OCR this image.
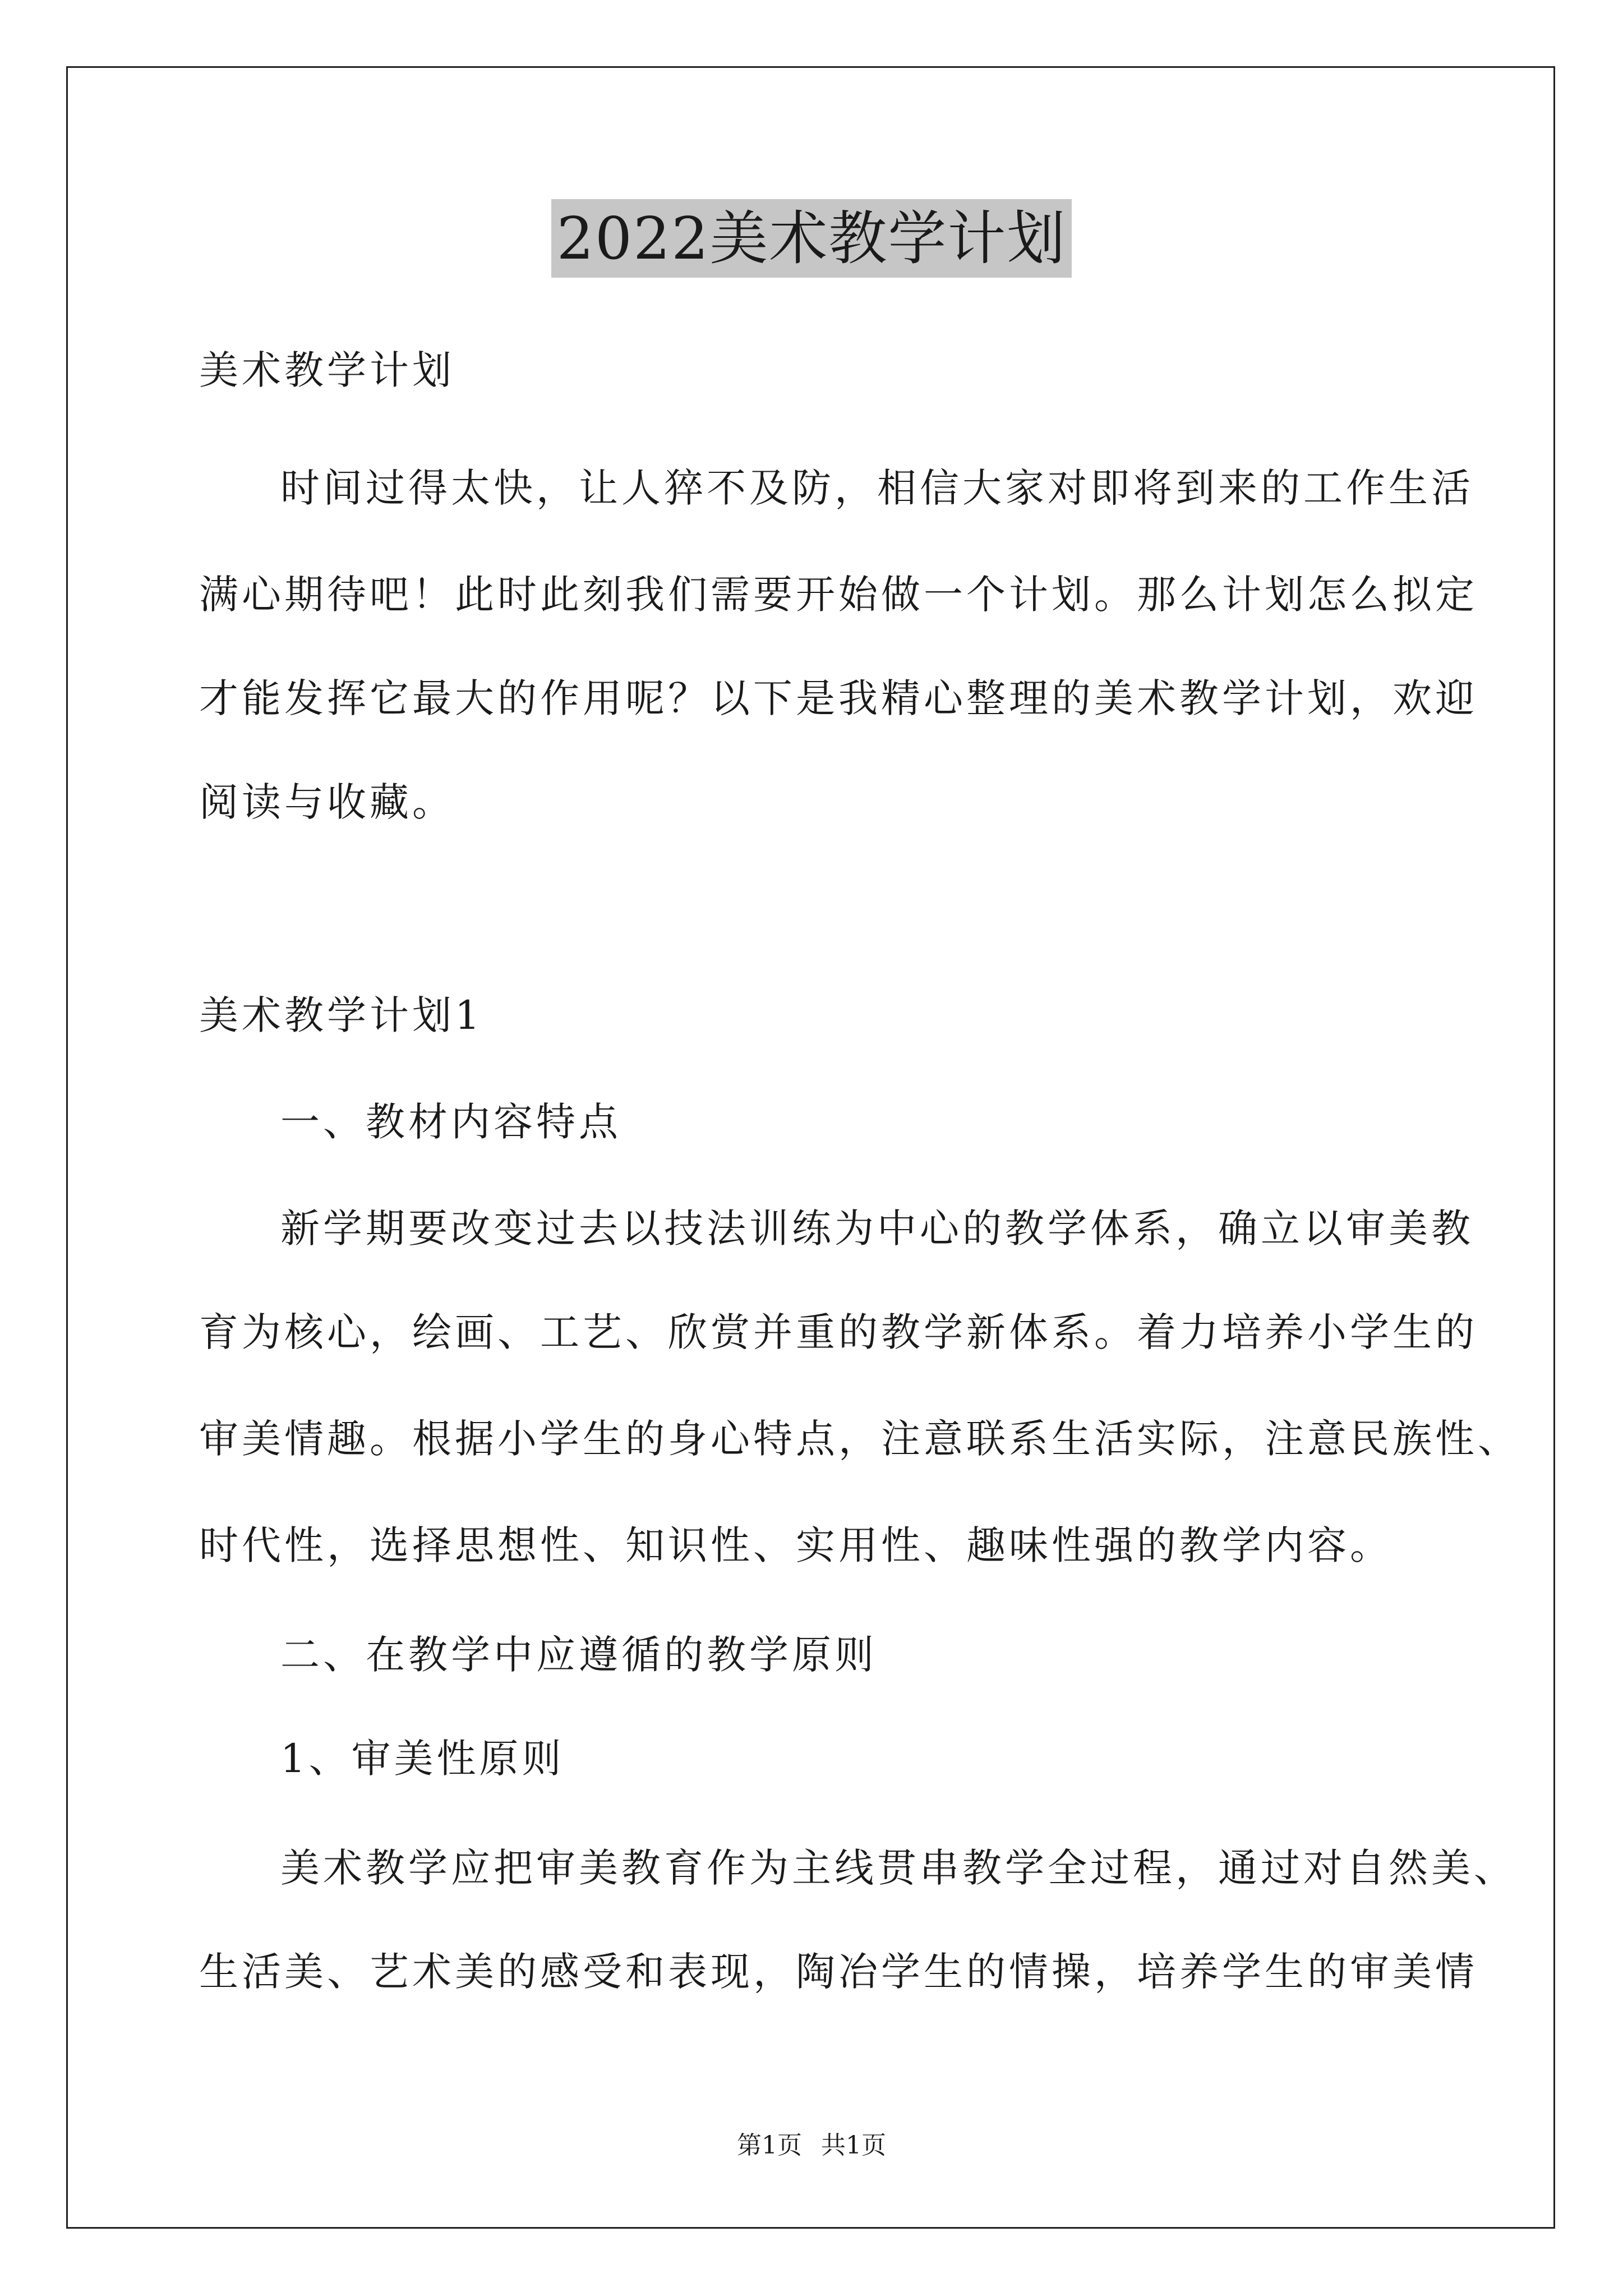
2022美术教学计划
美术教学计划
时间过得太快，让人猝不及防，相信大家对即将到来的工作生活
满心期待吧！此时此刻我们需要开始做一个计划。那么计划怎么拟定
才能发挥它最大的作用呢？以下是我精心整理的美术教学计划，欢迎
阅读与收藏。
美术教学计划1
一、教材内容特点
新学期要改变过去以技法训练为中心的教学体系，确立以审美教
育为核心，绘画、工艺、欣赏并重的教学新体系。着力培养小学生的
审美情趣。根据小学生的身心特点，注意联系生活实际，注意民族性、
时代性，选择思想性、知识性、实用性、趣味性强的教学内容。
二、在教学中应遵循的教学原则
1、审美性原则
美术教学应把审美教育作为主线贯串教学全过程，通过对自然美、
生活美、艺术美的感受和表现，陶冶学生的情操，培养学生的审美情
第1页 共1页
